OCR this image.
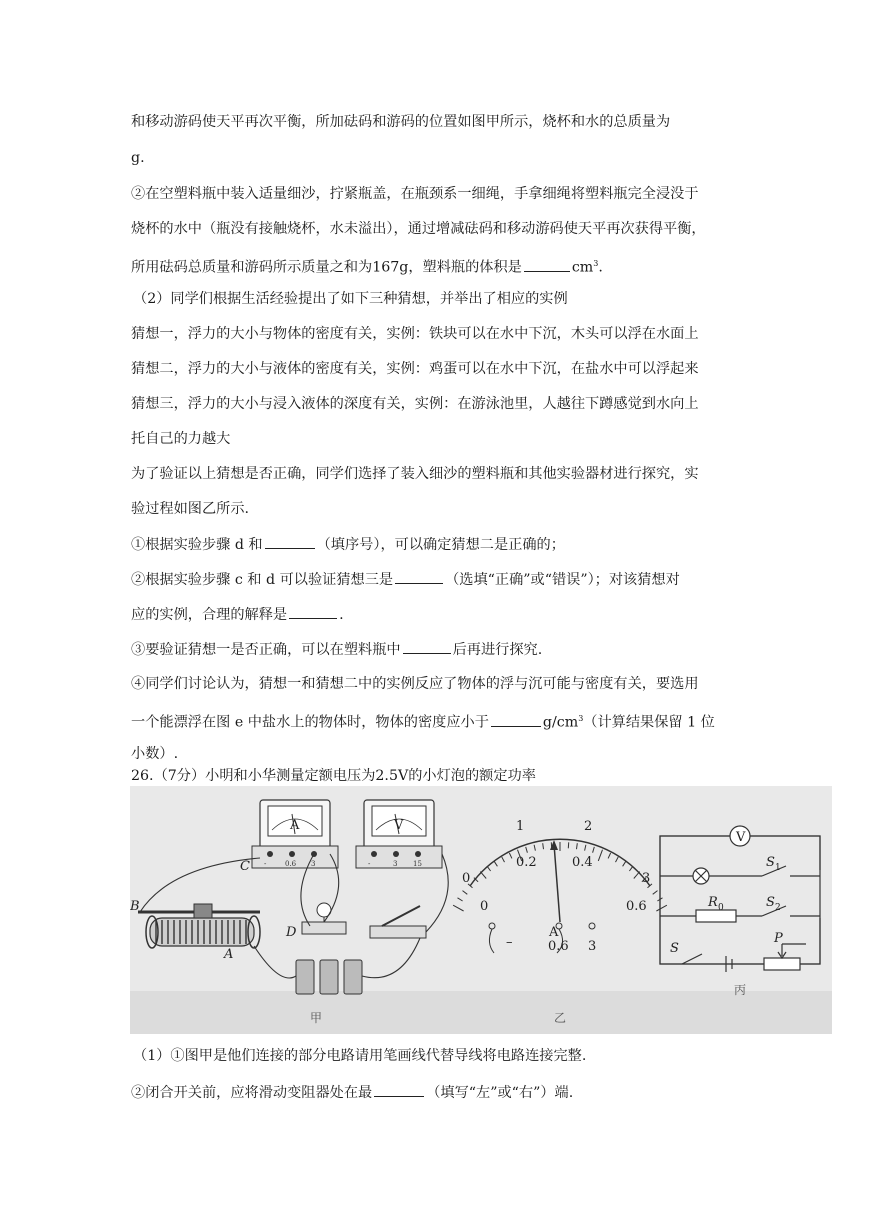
和移动游码使天平再次平衡，所加砝码和游码的位置如图甲所示，烧杯和水的总质量为
g.
②在空塑料瓶中装入适量细沙，拧紧瓶盖，在瓶颈系一细绳，手拿细绳将塑料瓶完全浸没于
烧杯的水中（瓶没有接触烧杯，水未溢出），通过增减砝码和移动游码使天平再次获得平衡，
所用砝码总质量和游码所示质量之和为167g，塑料瓶的体积是	$cm^3$.
（2）同学们根据生活经验提出了如下三种猜想，并举出了相应的实例
猜想一，浮力的大小与物体的密度有关，实例：铁块可以在水中下沉，木头可以浮在水面上
猜想二，浮力的大小与液体的密度有关，实例：鸡蛋可以在水中下沉，在盐水中可以浮起来
猜想三，浮力的大小与浸入液体的深度有关，实例：在游泳池里，人越往下蹲感觉到水向上
托自己的力越大
为了验证以上猜想是否正确，同学们选择了装入细沙的塑料瓶和其他实验器材进行探究，实
验过程如图乙所示.
①根据实验步骤 d 和	（填序号），可以确定猜想二是正确的；
②根据实验步骤 c 和 d 可以验证猜想三是	（选填“正确”或“错误”）；对该猜想对
应的实例，合理的解释是	.
③要验证猜想一是否正确，可以在塑料瓶中	后再进行探究.
④同学们讨论认为，猜想一和猜想二中的实例反应了物体的浮与沉可能与密度有关，要选用
一个能漂浮在图 e 中盐水上的物体时，物体的密度应小于	$g/cm^3$（计算结果保留 1 位
小数）.
26.（7分）小明和小华测量定额电压为2.5V的小灯泡的额定功率
（1）①图甲是他们连接的部分电路请用笔画线代替导线将电路连接完整.
②闭合开关前，应将滑动变阻器处在最	（填写“左”或“右”）端.
A
-	0.6 3
V
-	3 15
B
A
C
D
甲
0
1	2
3
0
0.2	0.4
0.6
A
–	0.6 3
乙
V
S 1
R 0	S 2
S
P
丙
